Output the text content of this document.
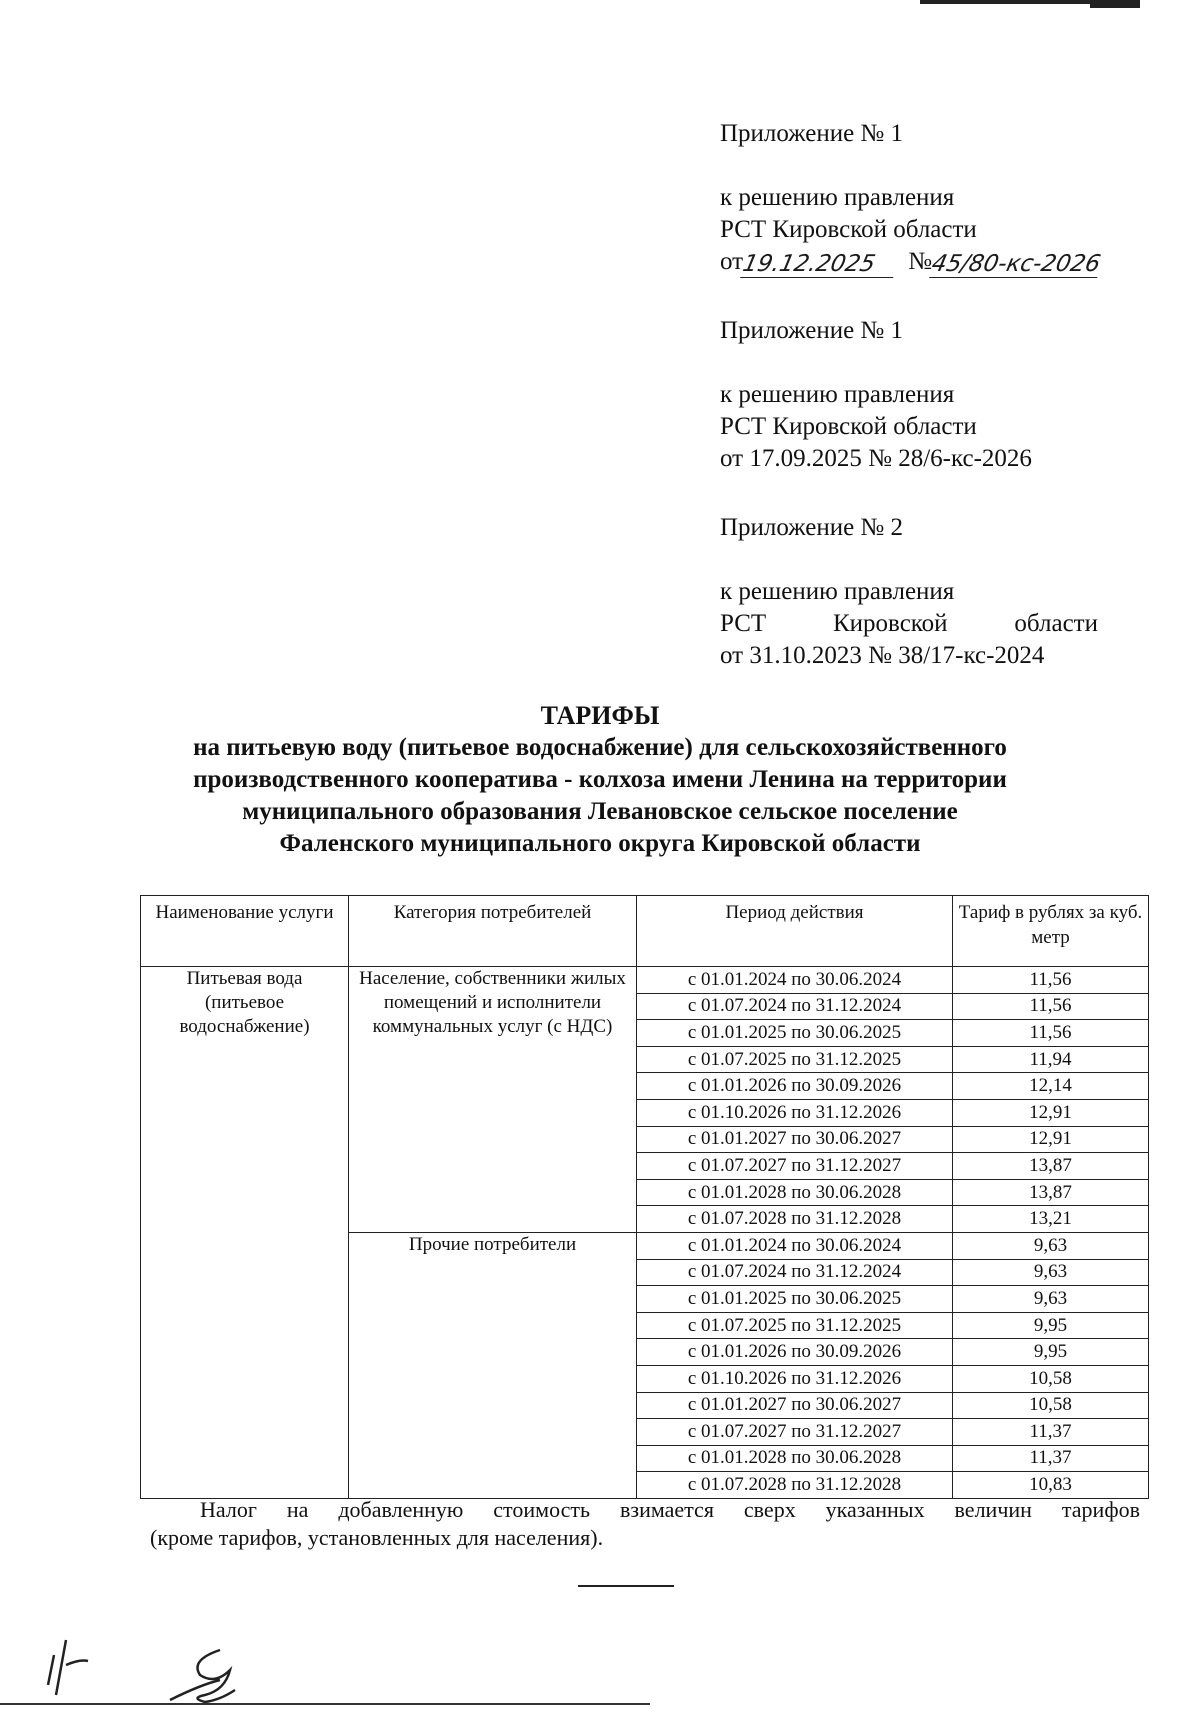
Приложение № 1
к решению правления
РСТ Кировской области
от
19.12.2025	№
45/80-кс-2026
Приложение № 1
к решению правления
РСТ Кировской области
от 17.09.2025 № 28/6-кс-2026
Приложение № 2
к решению правления
РСТ	Кировской	области
от 31.10.2023 № 38/17-кс-2024
ТАРИФЫ
на питьевую воду (питьевое водоснабжение) для сельскохозяйственного
производственного кооператива - колхоза имени Ленина на территории
муниципального образования Левановское сельское поселение
Фаленского муниципального округа Кировской области
Наименование услуги	Категория потребителей	Период действия	Тариф в рублях за куб. метр
Питьевая вода (питьевое водоснабжение)	Население, собственники жилых помещений и исполнители коммунальных услуг (с НДС)	с 01.01.2024 по 30.06.2024	11,56
		с 01.07.2024 по 31.12.2024	11,56
		с 01.01.2025 по 30.06.2025	11,56
		с 01.07.2025 по 31.12.2025	11,94
		с 01.01.2026 по 30.09.2026	12,14
		с 01.10.2026 по 31.12.2026	12,91
		с 01.01.2027 по 30.06.2027	12,91
		с 01.07.2027 по 31.12.2027	13,87
		с 01.01.2028 по 30.06.2028	13,87
		с 01.07.2028 по 31.12.2028	13,21
	Прочие потребители	с 01.01.2024 по 30.06.2024	9,63
		с 01.07.2024 по 31.12.2024	9,63
		с 01.01.2025 по 30.06.2025	9,63
		с 01.07.2025 по 31.12.2025	9,95
		с 01.01.2026 по 30.09.2026	9,95
		с 01.10.2026 по 31.12.2026	10,58
		с 01.01.2027 по 30.06.2027	10,58
		с 01.07.2027 по 31.12.2027	11,37
		с 01.01.2028 по 30.06.2028	11,37
		с 01.07.2028 по 31.12.2028	10,83
Налог на добавленную стоимость взимается сверх указанных величин тарифов
(кроме тарифов, установленных для населения).
